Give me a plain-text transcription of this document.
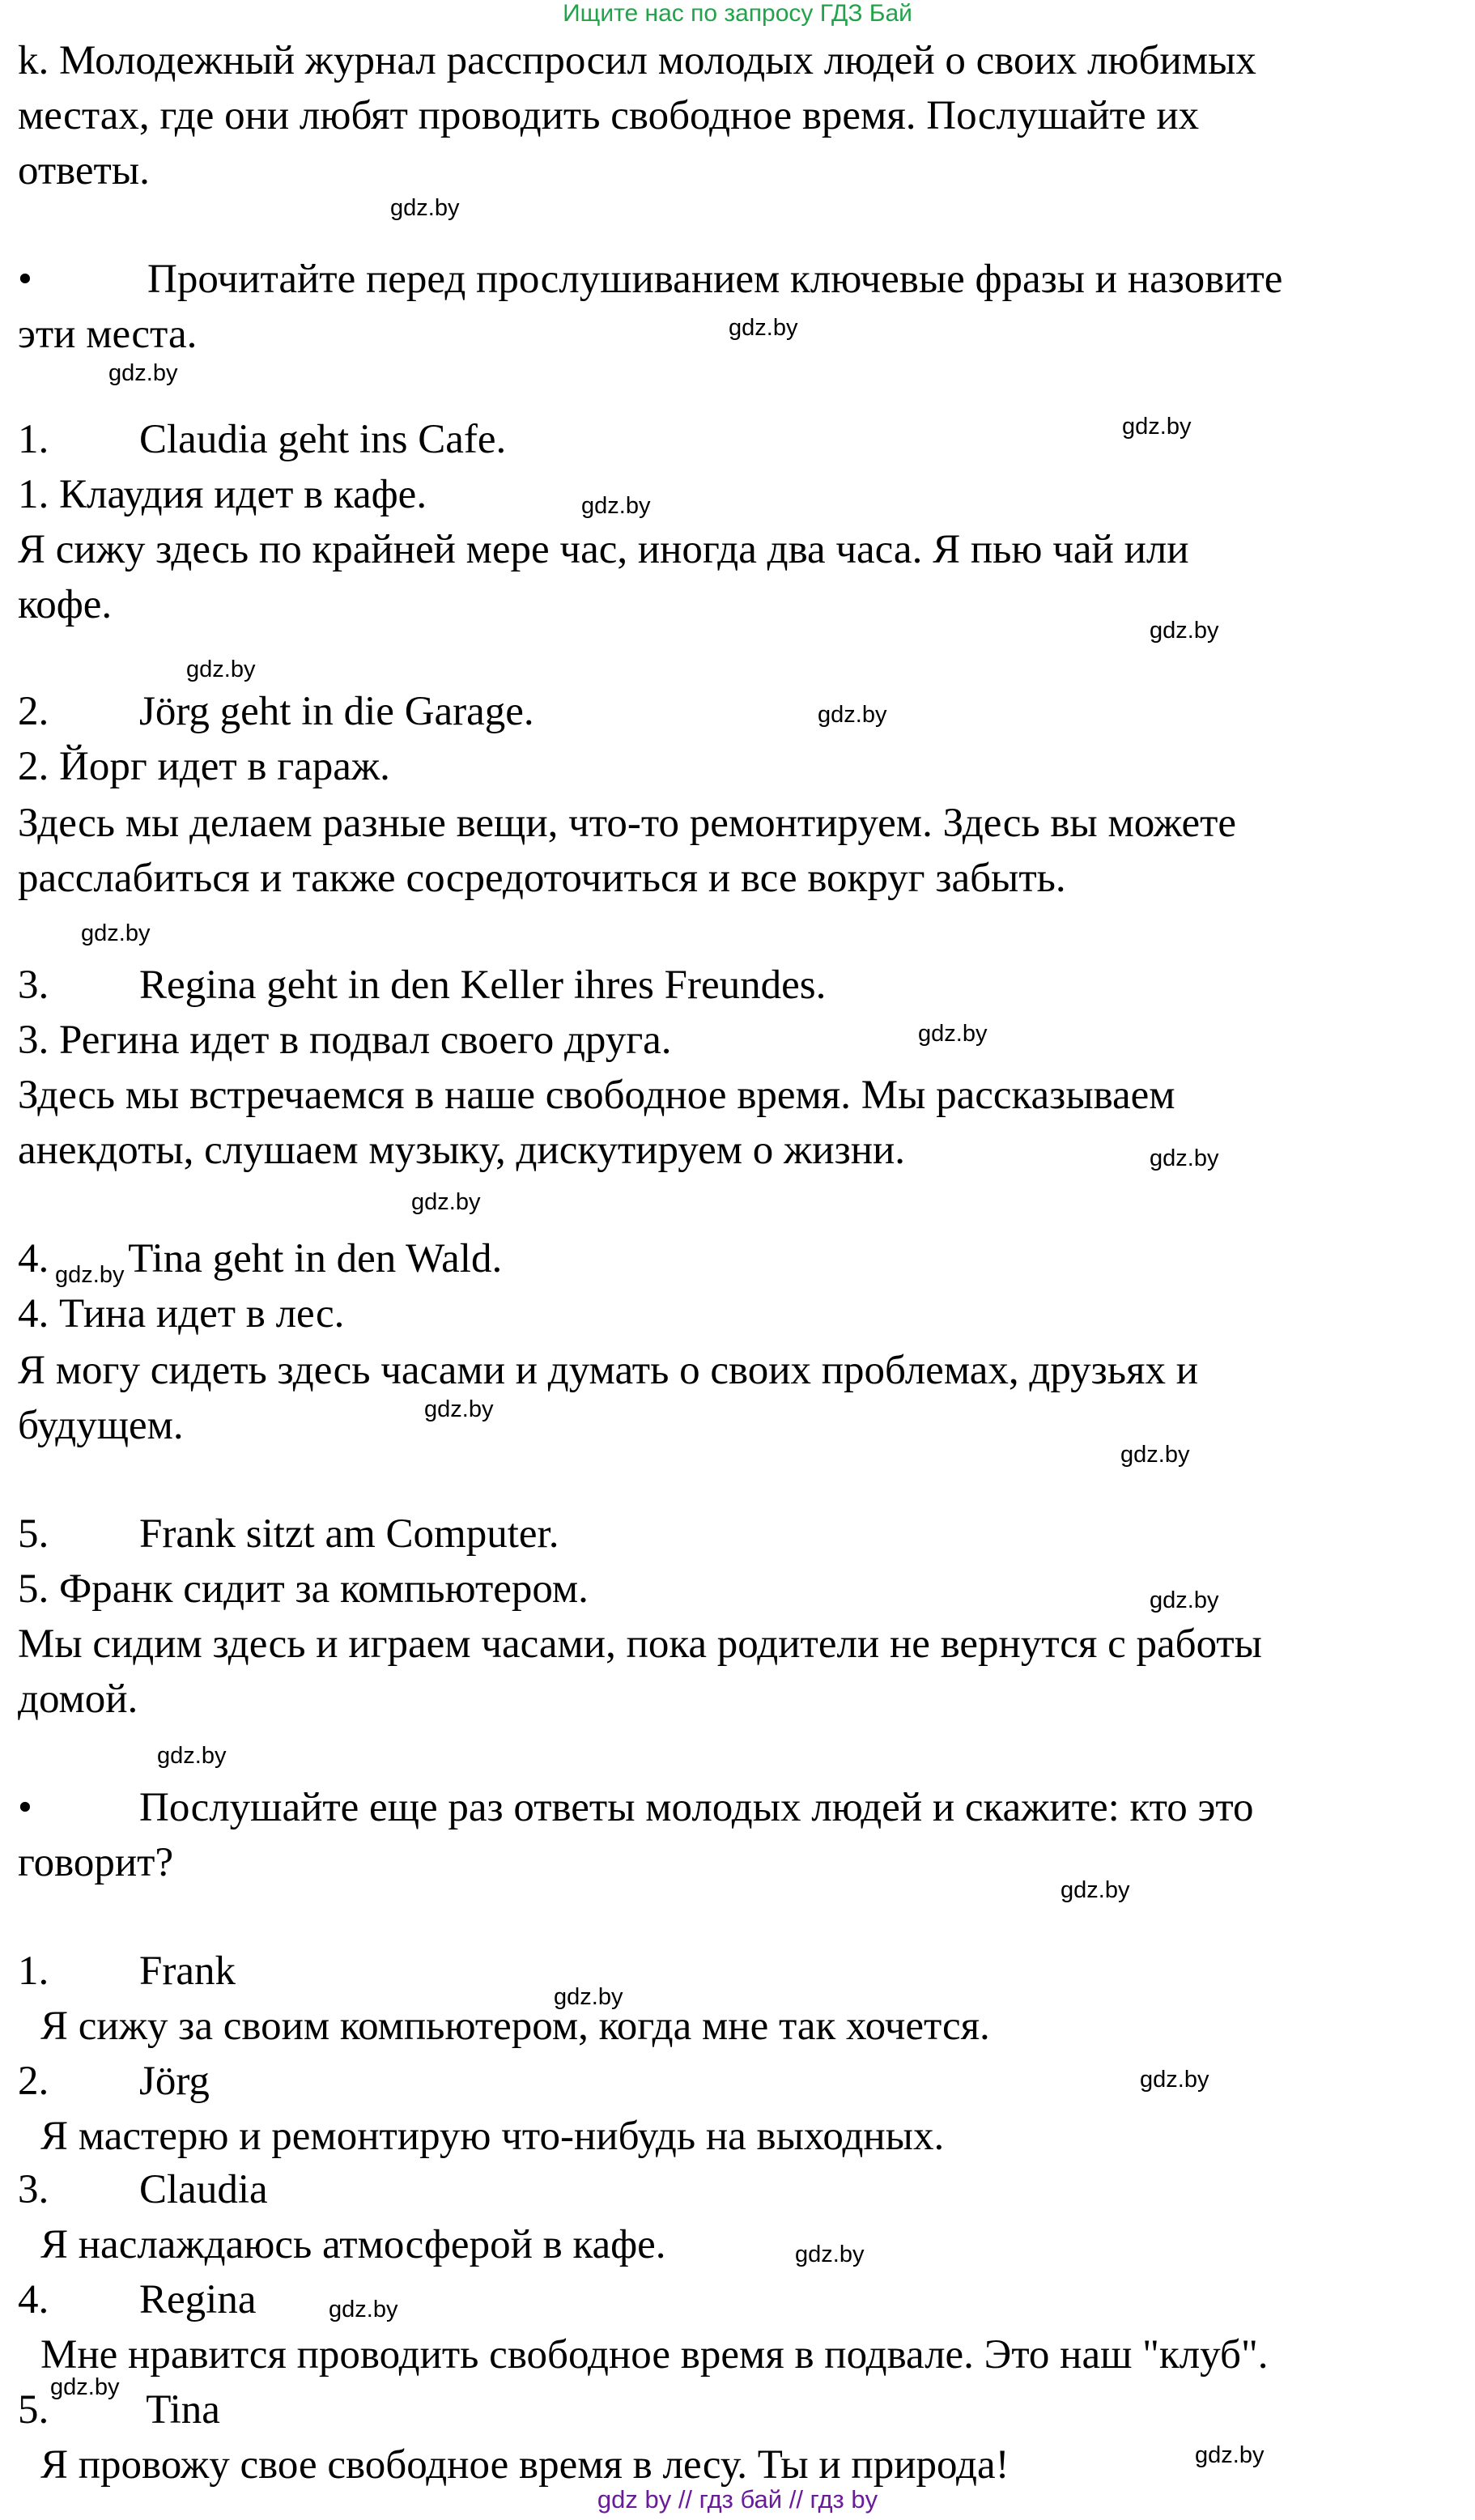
Ищите нас по запросу ГДЗ Бай
k. Молодежный журнал расспросил молодых людей о своих любимых
местах, где они любят проводить свободное время. Послушайте их
ответы.
•	Прочитайте перед прослушиванием ключевые фразы и назовите
эти места.
1. Claudia geht ins Cafe.
1. Клаудия идет в кафе.
Я сижу здесь по крайней мере час, иногда два часа. Я пью чай или
кофе.
2. Jörg geht in die Garage.
2. Йорг идет в гараж.
Здесь мы делаем разные вещи, что-то ремонтируем. Здесь вы можете
расслабиться и также сосредоточиться и все вокруг забыть.
3. Regina geht in den Keller ihres Freundes.
3. Регина идет в подвал своего друга.
Здесь мы встречаемся в наше свободное время. Мы рассказываем
анекдоты, слушаем музыку, дискутируем о жизни.
4. Tina geht in den Wald.
4. Тина идет в лес.
Я могу сидеть здесь часами и думать о своих проблемах, друзьях и
будущем.
5. Frank sitzt am Computer.
5. Франк сидит за компьютером.
Мы сидим здесь и играем часами, пока родители не вернутся с работы
домой.
•	Послушайте еще раз ответы молодых людей и скажите: кто это
говорит?
1. Frank
Я сижу за своим компьютером, когда мне так хочется.
2. Jörg
Я мастерю и ремонтирую что-нибудь на выходных.
3. Claudia
Я наслаждаюсь атмосферой в кафе.
4. Regina
Мне нравится проводить свободное время в подвале. Это наш "клуб".
5. Tina
Я провожу свое свободное время в лесу. Ты и природа!
gdz.by
gdz.by
gdz.by
gdz.by
gdz.by
gdz.by
gdz.by
gdz.by
gdz.by
gdz.by
gdz.by
gdz.by
gdz.by
gdz.by
gdz.by
gdz.by
gdz.by
gdz.by
gdz.by
gdz.by
gdz.by
gdz.by
gdz.by
gdz.by
gdz by // гдз бай // гдз by
